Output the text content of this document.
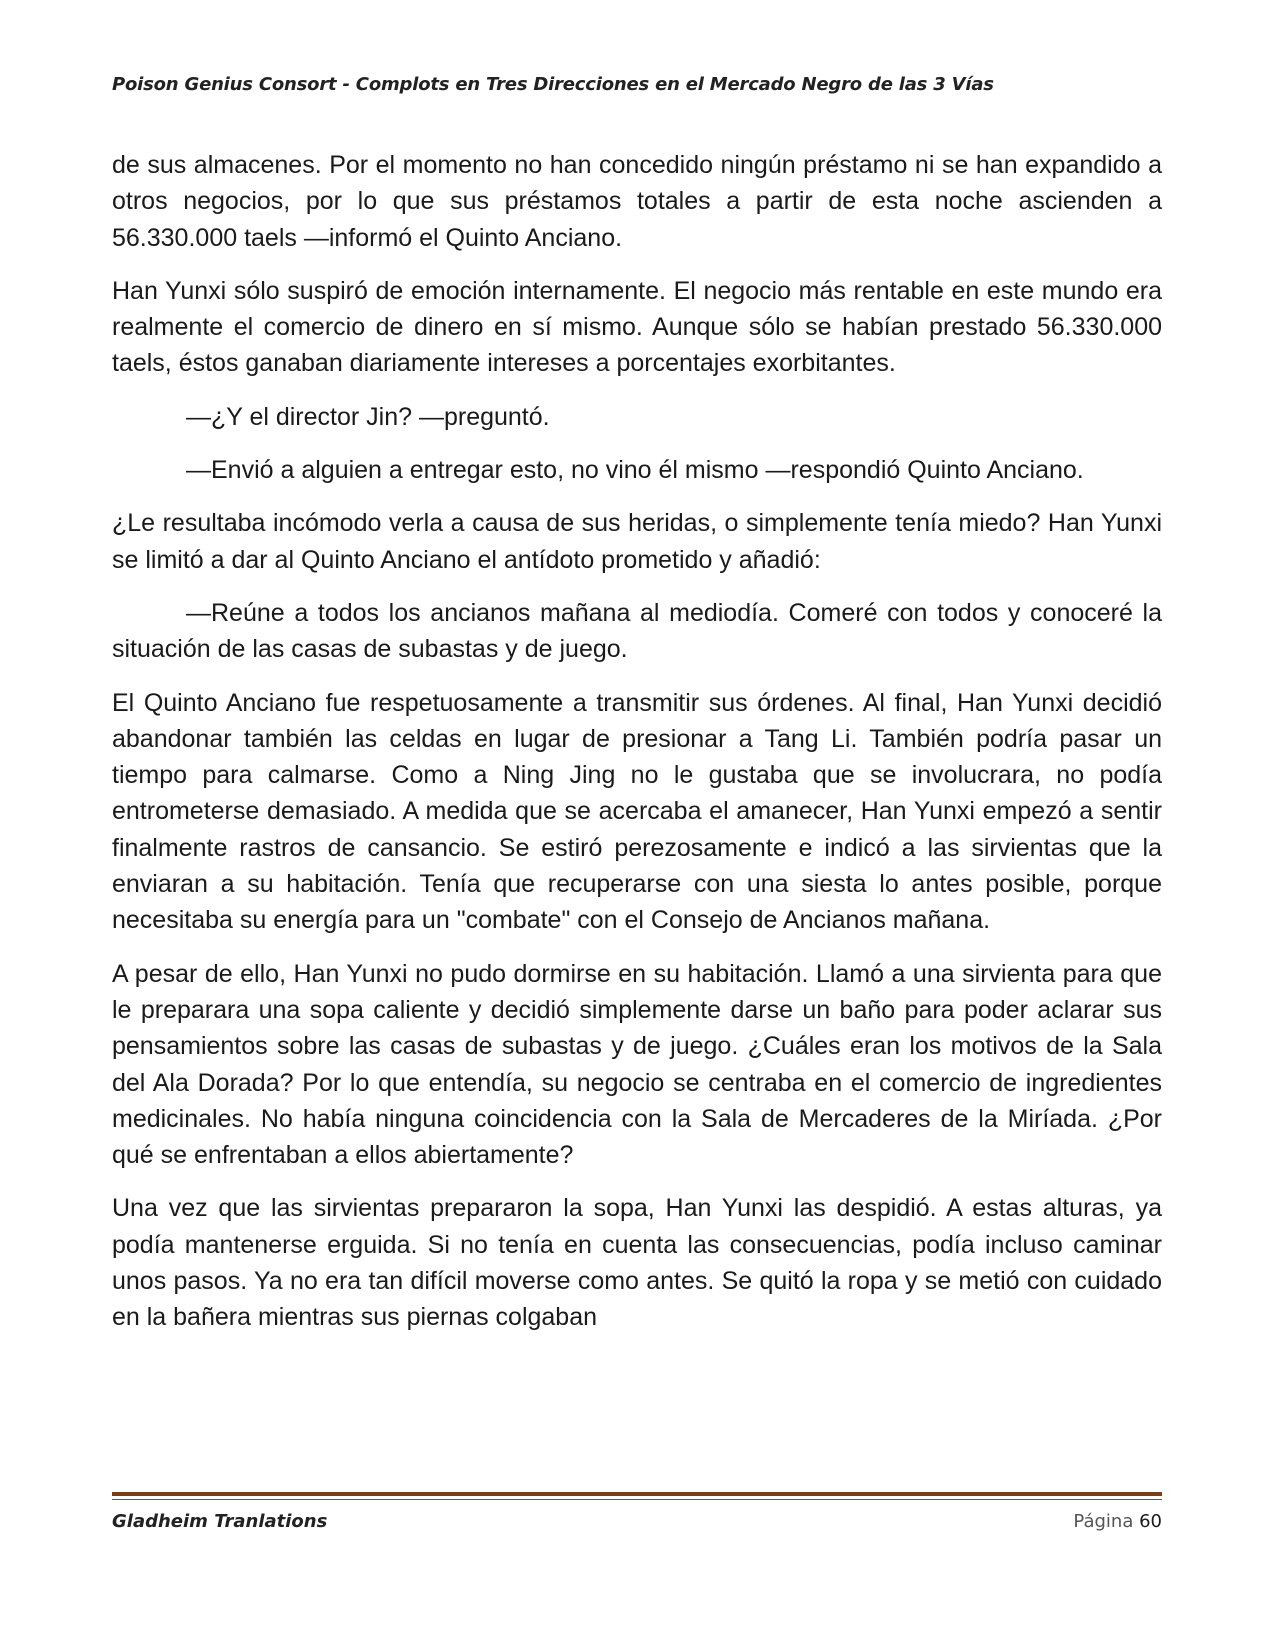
Poison Genius Consort - Complots en Tres Direcciones en el Mercado Negro de las 3 Vías

de sus almacenes. Por el momento no han concedido ningún préstamo ni se han expandido a otros negocios, por lo que sus préstamos totales a partir de esta noche ascienden a 56.330.000 taels —informó el Quinto Anciano.

Han Yunxi sólo suspiró de emoción internamente. El negocio más rentable en este mundo era realmente el comercio de dinero en sí mismo. Aunque sólo se habían prestado 56.330.000 taels, éstos ganaban diariamente intereses a porcentajes exorbitantes.

—¿Y el director Jin? —preguntó.

—Envió a alguien a entregar esto, no vino él mismo —respondió Quinto Anciano.

¿Le resultaba incómodo verla a causa de sus heridas, o simplemente tenía miedo? Han Yunxi se limitó a dar al Quinto Anciano el antídoto prometido y añadió:

—Reúne a todos los ancianos mañana al mediodía. Comeré con todos y conoceré la situación de las casas de subastas y de juego.

El Quinto Anciano fue respetuosamente a transmitir sus órdenes. Al final, Han Yunxi decidió abandonar también las celdas en lugar de presionar a Tang Li. También podría pasar un tiempo para calmarse. Como a Ning Jing no le gustaba que se involucrara, no podía entrometerse demasiado. A medida que se acercaba el amanecer, Han Yunxi empezó a sentir finalmente rastros de cansancio. Se estiró perezosamente e indicó a las sirvientas que la enviaran a su habitación. Tenía que recuperarse con una siesta lo antes posible, porque necesitaba su energía para un "combate" con el Consejo de Ancianos mañana.

A pesar de ello, Han Yunxi no pudo dormirse en su habitación. Llamó a una sirvienta para que le preparara una sopa caliente y decidió simplemente darse un baño para poder aclarar sus pensamientos sobre las casas de subastas y de juego. ¿Cuáles eran los motivos de la Sala del Ala Dorada? Por lo que entendía, su negocio se centraba en el comercio de ingredientes medicinales. No había ninguna coincidencia con la Sala de Mercaderes de la Miríada. ¿Por qué se enfrentaban a ellos abiertamente?

Una vez que las sirvientas prepararon la sopa, Han Yunxi las despidió. A estas alturas, ya podía mantenerse erguida. Si no tenía en cuenta las consecuencias, podía incluso caminar unos pasos. Ya no era tan difícil moverse como antes. Se quitó la ropa y se metió con cuidado en la bañera mientras sus piernas colgaban

Gladheim Tranlations	Página 60
